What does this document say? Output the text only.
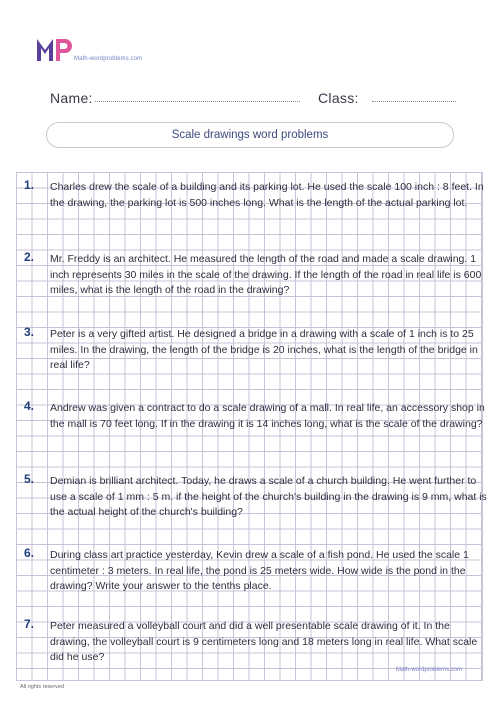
Math-wordproblems.com
Name:	Class:
Scale drawings word problems
1. Charles drew the scale of a building and its parking lot. He used the scale 100 inch : 8 feet. In the drawing, the parking lot is 500 inches long. What is the length of the actual parking lot.
2. Mr. Freddy is an architect. He measured the length of the road and made a scale drawing. 1 inch represents 30 miles in the scale of the drawing. If the length of the road in real life is 600 miles, what is the length of the road in the drawing?
3. Peter is a very gifted artist. He designed a bridge in a drawing with a scale of 1 inch is to 25 miles. In the drawing, the length of the bridge is 20 inches, what is the length of the bridge in real life?
4. Andrew was given a contract to do a scale drawing of a mall. In real life, an accessory shop in the mall is 70 feet long. If in the drawing it is 14 inches long, what is the scale of the drawing?
5. Demian is brilliant architect. Today, he draws a scale of a church building. He went further to use a scale of 1 mm : 5 m. if the height of the church's building in the drawing is 9 mm, what is the actual height of the church's building?
6. During class art practice yesterday, Kevin drew a scale of a fish pond. He used the scale 1 centimeter : 3 meters. In real life, the pond is 25 meters wide. How wide is the pond in the drawing? Write your answer to the tenths place.
7. Peter measured a volleyball court and did a well presentable scale drawing of it. In the drawing, the volleyball court is 9 centimeters long and 18 meters long in real life. What scale did he use?
Math-wordproblems.com
All rights reserved
